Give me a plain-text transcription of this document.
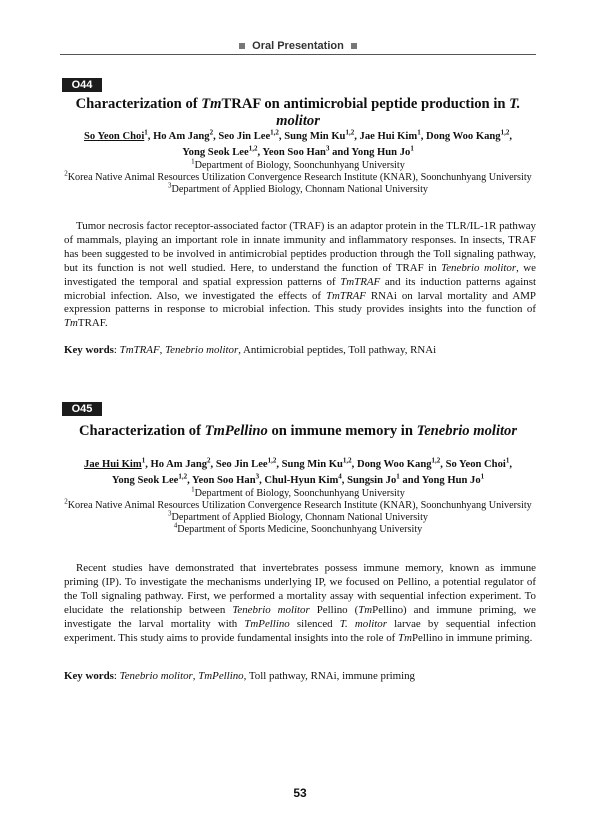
Oral Presentation
O44
Characterization of TmTRAF on antimicrobial peptide production in T. molitor
So Yeon Choi$^1$, Ho Am Jang$^2$, Seo Jin Lee$^{1,2}$, Sung Min Ku$^{1,2}$, Jae Hui Kim$^1$, Dong Woo Kang$^{1,2}$,
Yong Seok Lee$^{1,2}$, Yeon Soo Han$^3$ and Yong Hun Jo$^1$
$^1$Department of Biology, Soonchunhyang University
$^2$Korea Native Animal Resources Utilization Convergence Research Institute (KNAR), Soonchunhyang University
$^3$Department of Applied Biology, Chonnam National University

Tumor necrosis factor receptor-associated factor (TRAF) is an adaptor protein in the TLR/IL-1R pathway of mammals, playing an important role in innate immunity and inflammatory responses. In insects, TRAF has been suggested to be involved in antimicrobial peptides production through the Toll signaling pathway, but its function is not well studied. Here, to understand the function of TRAF in Tenebrio molitor, we investigated the temporal and spatial expression patterns of TmTRAF and its induction patterns against microbial infection. Also, we investigated the effects of TmTRAF RNAi on larval mortality and AMP expression patterns in response to microbial infection. This study provides insights into the function of TmTRAF.

Key words: TmTRAF, Tenebrio molitor, Antimicrobial peptides, Toll pathway, RNAi
O45
Characterization of TmPellino on immune memory in Tenebrio molitor
Jae Hui Kim$^1$, Ho Am Jang$^2$, Seo Jin Lee$^{1,2}$, Sung Min Ku$^{1,2}$, Dong Woo Kang$^{1,2}$, So Yeon Choi$^1$,
Yong Seok Lee$^{1,2}$, Yeon Soo Han$^3$, Chul-Hyun Kim$^4$, Sungsin Jo$^1$ and Yong Hun Jo$^1$
$^1$Department of Biology, Soonchunhyang University
$^2$Korea Native Animal Resources Utilization Convergence Research Institute (KNAR), Soonchunhyang University
$^3$Department of Applied Biology, Chonnam National University
$^4$Department of Sports Medicine, Soonchunhyang University

Recent studies have demonstrated that invertebrates possess immune memory, known as immune priming (IP). To investigate the mechanisms underlying IP, we focused on Pellino, a potential regulator of the Toll signaling pathway. First, we performed a mortality assay with sequential infection experiment. To elucidate the relationship between Tenebrio molitor Pellino (TmPellino) and immune priming, we investigate the larval mortality with TmPellino silenced T. molitor larvae by sequential infection experiment. This study aims to provide fundamental insights into the role of TmPellino in immune priming.

Key words: Tenebrio molitor, TmPellino, Toll pathway, RNAi, immune priming
53
